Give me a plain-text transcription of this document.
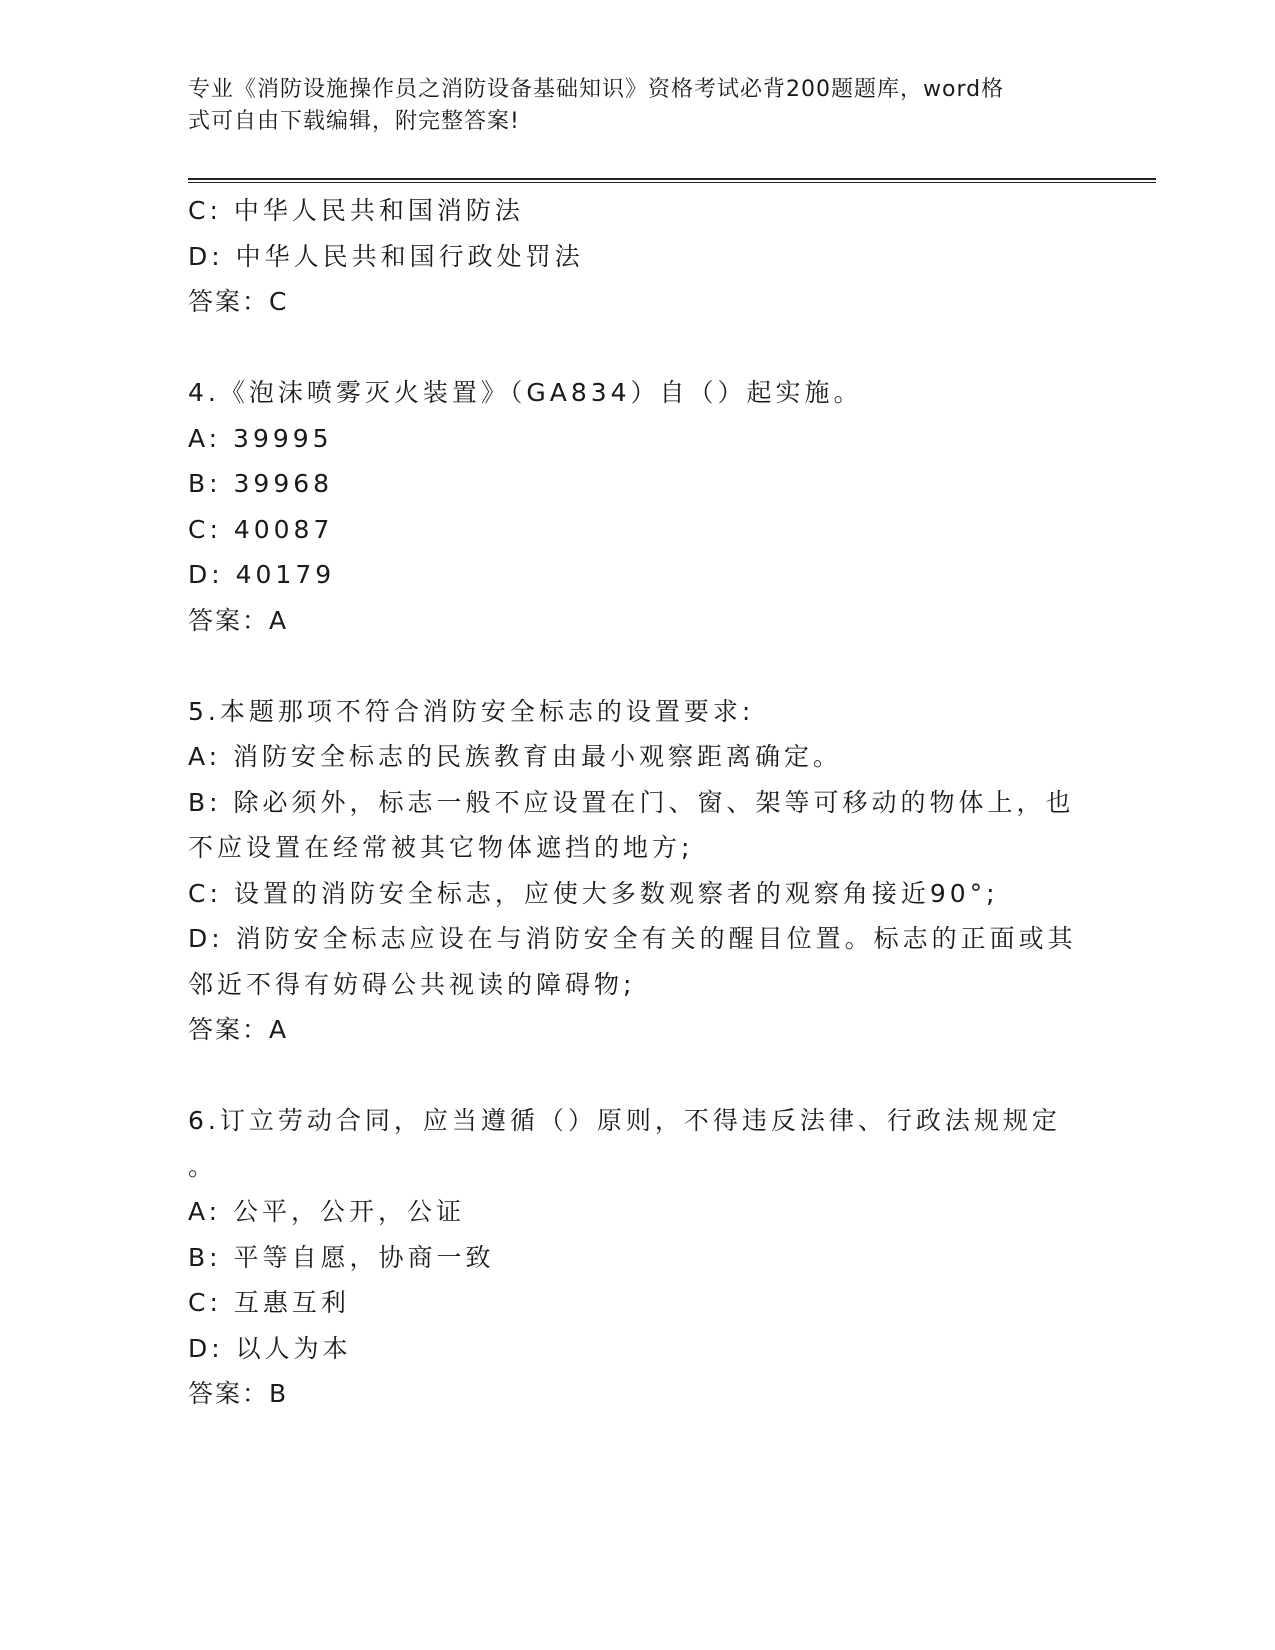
专业《消防设施操作员之消防设备基础知识》资格考试必背200题题库，word格
式可自由下载编辑，附完整答案!
C: 中华人民共和国消防法
D: 中华人民共和国行政处罚法
答案：C
4.《泡沫喷雾灭火装置》（GA834）自（）起实施。
A: 39995
B: 39968
C: 40087
D: 40179
答案：A
5.本题那项不符合消防安全标志的设置要求:
A: 消防安全标志的民族教育由最小观察距离确定。
B: 除必须外，标志一般不应设置在门、窗、架等可移动的物体上，也
不应设置在经常被其它物体遮挡的地方;
C: 设置的消防安全标志，应使大多数观察者的观察角接近90°;
D: 消防安全标志应设在与消防安全有关的醒目位置。标志的正面或其
邻近不得有妨碍公共视读的障碍物;
答案：A
6.订立劳动合同，应当遵循（）原则，不得违反法律、行政法规规定
。
A: 公平，公开，公证
B: 平等自愿，协商一致
C: 互惠互利
D: 以人为本
答案：B
